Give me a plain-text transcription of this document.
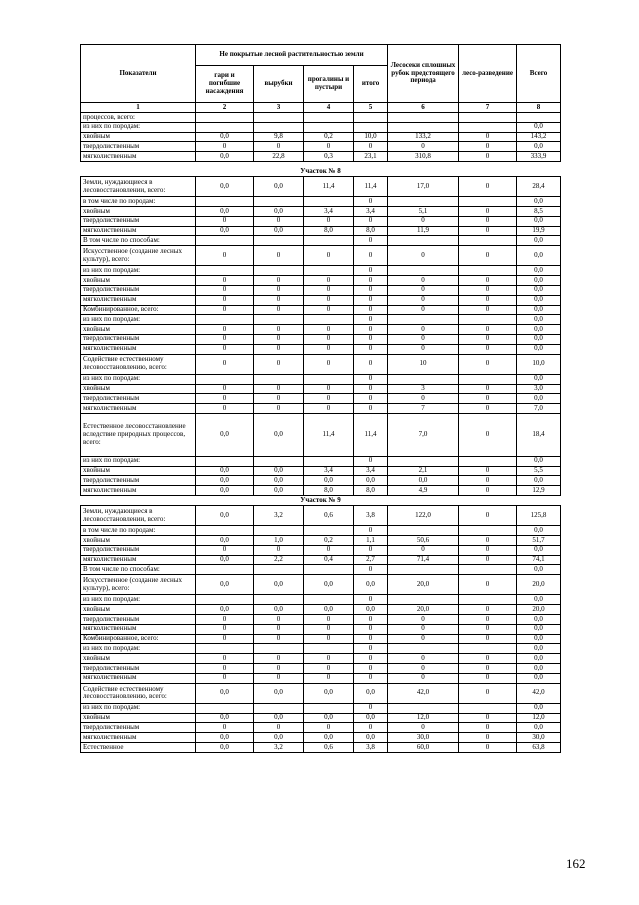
Показатели	Не покрытые лесной растительностью земли				Лесосеки сплошных рубок предстоящего периода	лесо-разведение	Всего
	гари и погибшие насаждения	вырубки	прогалины и пустыри	итого			
1	2	3	4	5	6	7	8
процессов, всего:							
из них по породам:							0,0
хвойным	0,0	9,8	0,2	10,0	133,2	0	143,2
твердолиственным	0	0	0	0	0	0	0,0
мягколиственным	0,0	22,8	0,3	23,1	310,8	0	333,9
Участок № 8							
Земли, нуждающиеся в лесовосстановлении, всего:	0,0	0,0	11,4	11,4	17,0	0	28,4
в том числе по породам:				0			0,0
хвойным	0,0	0,0	3,4	3,4	5,1	0	8,5
твердолиственным	0	0	0	0	0	0	0,0
мягколиственным	0,0	0,0	8,0	8,0	11,9	0	19,9
В том числе по способам:				0			0,0
Искусственное (создание лесных культур), всего:	0	0	0	0	0	0	0,0
из них по породам:				0			0,0
хвойным	0	0	0	0	0	0	0,0
твердолиственным	0	0	0	0	0	0	0,0
мягколиственным	0	0	0	0	0	0	0,0
Комбинированное, всего:	0	0	0	0	0	0	0,0
из них по породам:				0			0,0
хвойным	0	0	0	0	0	0	0,0
твердолиственным	0	0	0	0	0	0	0,0
мягколиственным	0	0	0	0	0	0	0,0
Содействие естественному лесовосстановлению, всего:	0	0	0	0	10	0	10,0
из них по породам:				0			0,0
хвойным	0	0	0	0	3	0	3,0
твердолиственным	0	0	0	0	0	0	0,0
мягколиственным	0	0	0	0	7	0	7,0
Естественное лесовосстановление вследствие природных процессов, всего:	0,0	0,0	11,4	11,4	7,0	0	18,4
из них по породам:				0			0,0
хвойным	0,0	0,0	3,4	3,4	2,1	0	5,5
твердолиственным	0,0	0,0	0,0	0,0	0,0	0	0,0
мягколиственным	0,0	0,0	8,0	8,0	4,9	0	12,9
Участок № 9							
Земли, нуждающиеся в лесовосстановлении, всего:	0,0	3,2	0,6	3,8	122,0	0	125,8
в том числе по породам:				0			0,0
хвойным	0,0	1,0	0,2	1,1	50,6	0	51,7
твердолиственным	0	0	0	0	0	0	0,0
мягколиственным	0,0	2,2	0,4	2,7	71,4	0	74,1
В том числе по способам:				0			0,0
Искусственное (создание лесных культур), всего:	0,0	0,0	0,0	0,0	20,0	0	20,0
из них по породам:				0			0,0
хвойным	0,0	0,0	0,0	0,0	20,0	0	20,0
твердолиственным	0	0	0	0	0	0	0,0
мягколиственным	0	0	0	0	0	0	0,0
Комбинированное, всего:	0	0	0	0	0	0	0,0
из них по породам:				0			0,0
хвойным	0	0	0	0	0	0	0,0
твердолиственным	0	0	0	0	0	0	0,0
мягколиственным	0	0	0	0	0	0	0,0
Содействие естественному лесовосстановлению, всего:	0,0	0,0	0,0	0,0	42,0	0	42,0
из них по породам:				0			0,0
хвойным	0,0	0,0	0,0	0,0	12,0	0	12,0
твердолиственным	0	0	0	0	0	0	0,0
мягколиственным	0,0	0,0	0,0	0,0	30,0	0	30,0
Естественное	0,0	3,2	0,6	3,8	60,0	0	63,8
162
